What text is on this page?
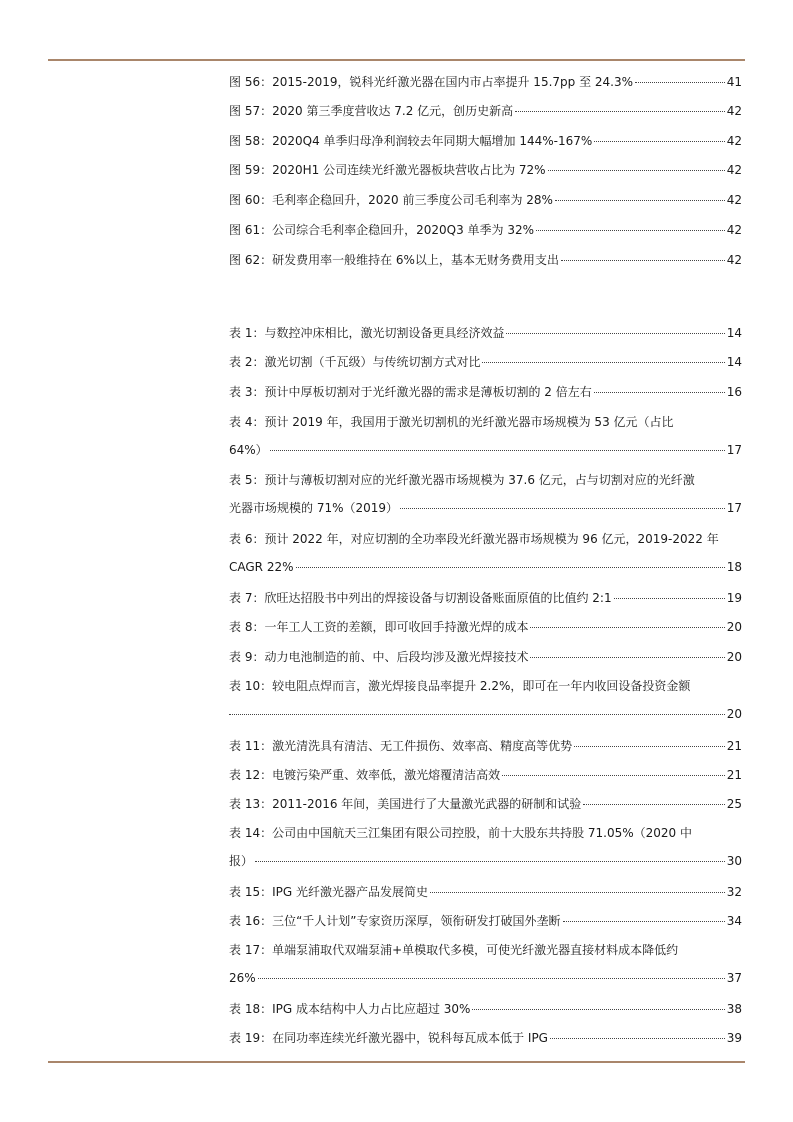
图 56：2015-2019，锐科光纤激光器在国内市占率提升 15.7pp 至 24.3%	41
图 57：2020 第三季度营收达 7.2 亿元，创历史新高	42
图 58：2020Q4 单季归母净利润较去年同期大幅增加 144%-167%	42
图 59：2020H1 公司连续光纤激光器板块营收占比为 72%	42
图 60：毛利率企稳回升，2020 前三季度公司毛利率为 28%	42
图 61：公司综合毛利率企稳回升，2020Q3 单季为 32%	42
图 62：研发费用率一般维持在 6%以上，基本无财务费用支出	42
表 1：与数控冲床相比，激光切割设备更具经济效益	14
表 2：激光切割（千瓦级）与传统切割方式对比	14
表 3：预计中厚板切割对于光纤激光器的需求是薄板切割的 2 倍左右	16
表 4：预计 2019 年，我国用于激光切割机的光纤激光器市场规模为 53 亿元（占比
64%）	17
表 5：预计与薄板切割对应的光纤激光器市场规模为 37.6 亿元，占与切割对应的光纤激
光器市场规模的 71%（2019）	17
表 6：预计 2022 年，对应切割的全功率段光纤激光器市场规模为 96 亿元，2019-2022 年
CAGR 22%	18
表 7：欣旺达招股书中列出的焊接设备与切割设备账面原值的比值约 2:1	19
表 8：一年工人工资的差额，即可收回手持激光焊的成本	20
表 9：动力电池制造的前、中、后段均涉及激光焊接技术	20
表 10：较电阻点焊而言，激光焊接良品率提升 2.2%，即可在一年内收回设备投资金额
20
表 11：激光清洗具有清洁、无工件损伤、效率高、精度高等优势	21
表 12：电镀污染严重、效率低，激光熔覆清洁高效	21
表 13：2011-2016 年间，美国进行了大量激光武器的研制和试验	25
表 14：公司由中国航天三江集团有限公司控股，前十大股东共持股 71.05%（2020 中
报）	30
表 15：IPG 光纤激光器产品发展简史	32
表 16：三位“千人计划”专家资历深厚，领衔研发打破国外垄断	34
表 17：单端泵浦取代双端泵浦+单模取代多模，可使光纤激光器直接材料成本降低约
26%	37
表 18：IPG 成本结构中人力占比应超过 30%	38
表 19：在同功率连续光纤激光器中，锐科每瓦成本低于 IPG	39
